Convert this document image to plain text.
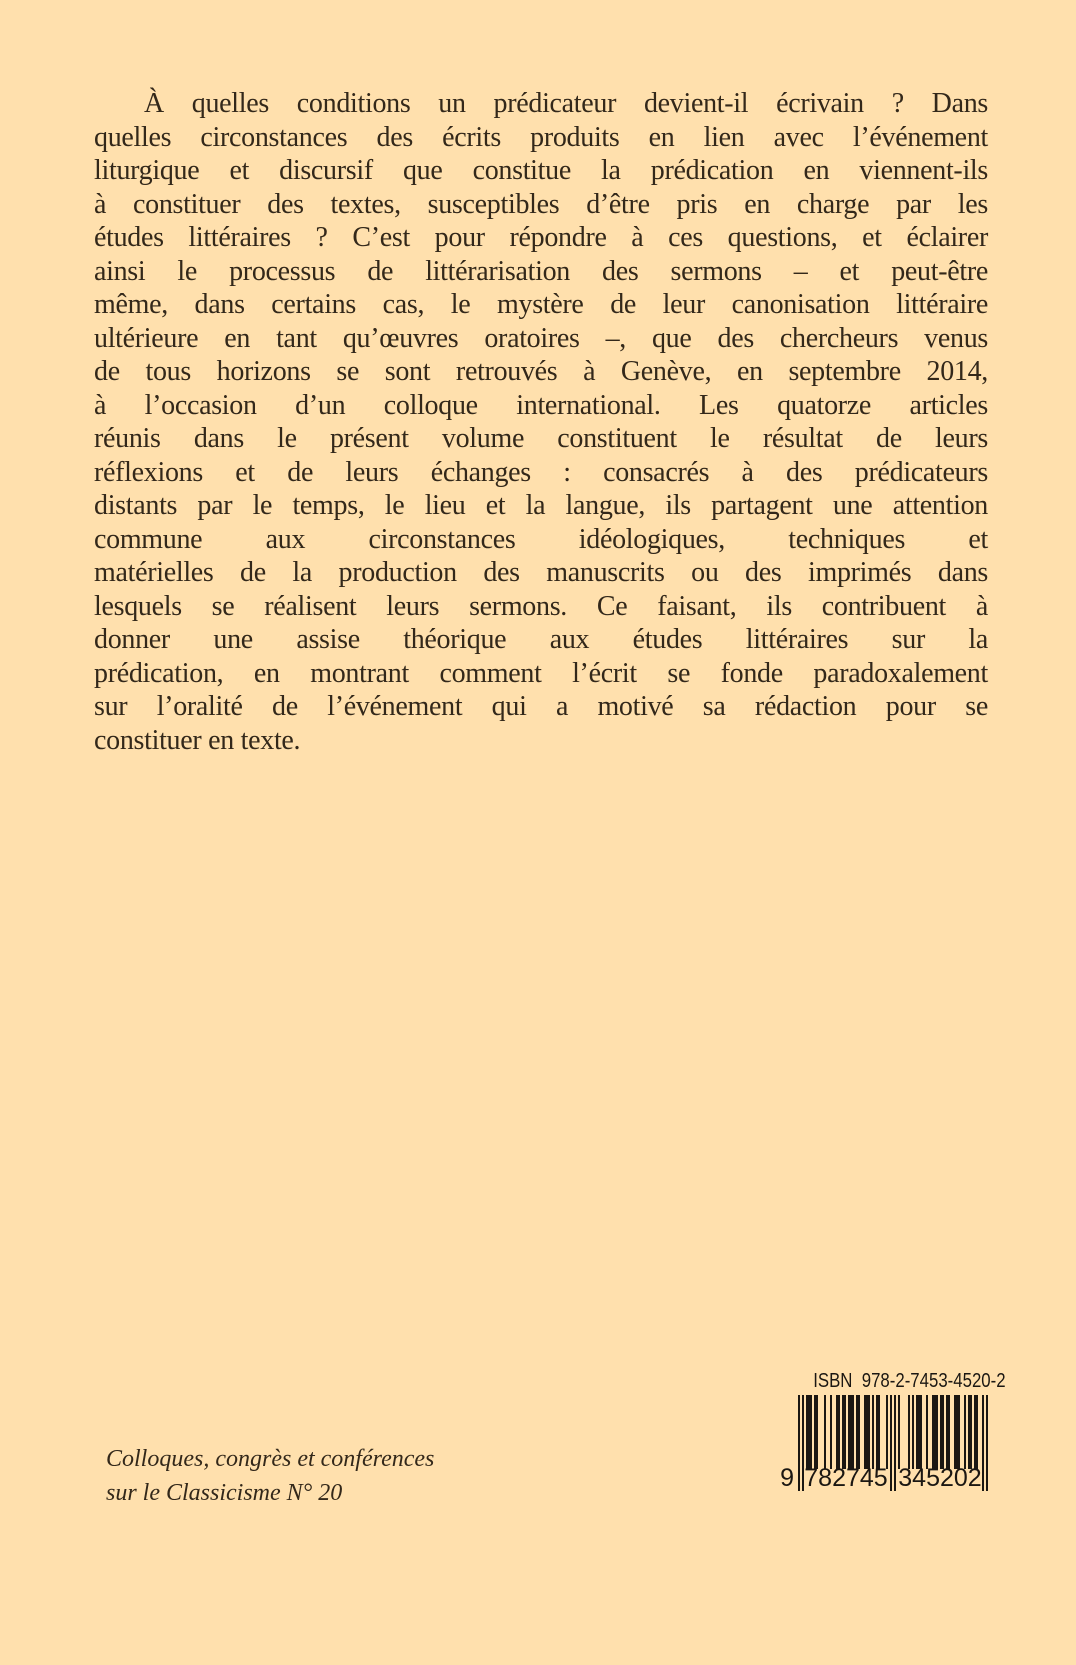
À quelles conditions un prédicateur devient-il écrivain ? Dans
quelles circonstances des écrits produits en lien avec l’événement
liturgique et discursif que constitue la prédication en viennent-ils
à constituer des textes, susceptibles d’être pris en charge par les
études littéraires ? C’est pour répondre à ces questions, et éclairer
ainsi le processus de littérarisation des sermons – et peut-être
même, dans certains cas, le mystère de leur canonisation littéraire
ultérieure en tant qu’œuvres oratoires –, que des chercheurs venus
de tous horizons se sont retrouvés à Genève, en septembre 2014,
à l’occasion d’un colloque international. Les quatorze articles
réunis dans le présent volume constituent le résultat de leurs
réflexions et de leurs échanges : consacrés à des prédicateurs
distants par le temps, le lieu et la langue, ils partagent une attention
commune aux circonstances idéologiques, techniques et
matérielles de la production des manuscrits ou des imprimés dans
lesquels se réalisent leurs sermons. Ce faisant, ils contribuent à
donner une assise théorique aux études littéraires sur la
prédication, en montrant comment l’écrit se fonde paradoxalement
sur l’oralité de l’événement qui a motivé sa rédaction pour se
constituer en texte.
ISBN  978-2-7453-4520-2
9 782745 345202
Colloques, congrès et conférences
sur le Classicisme N° 20
